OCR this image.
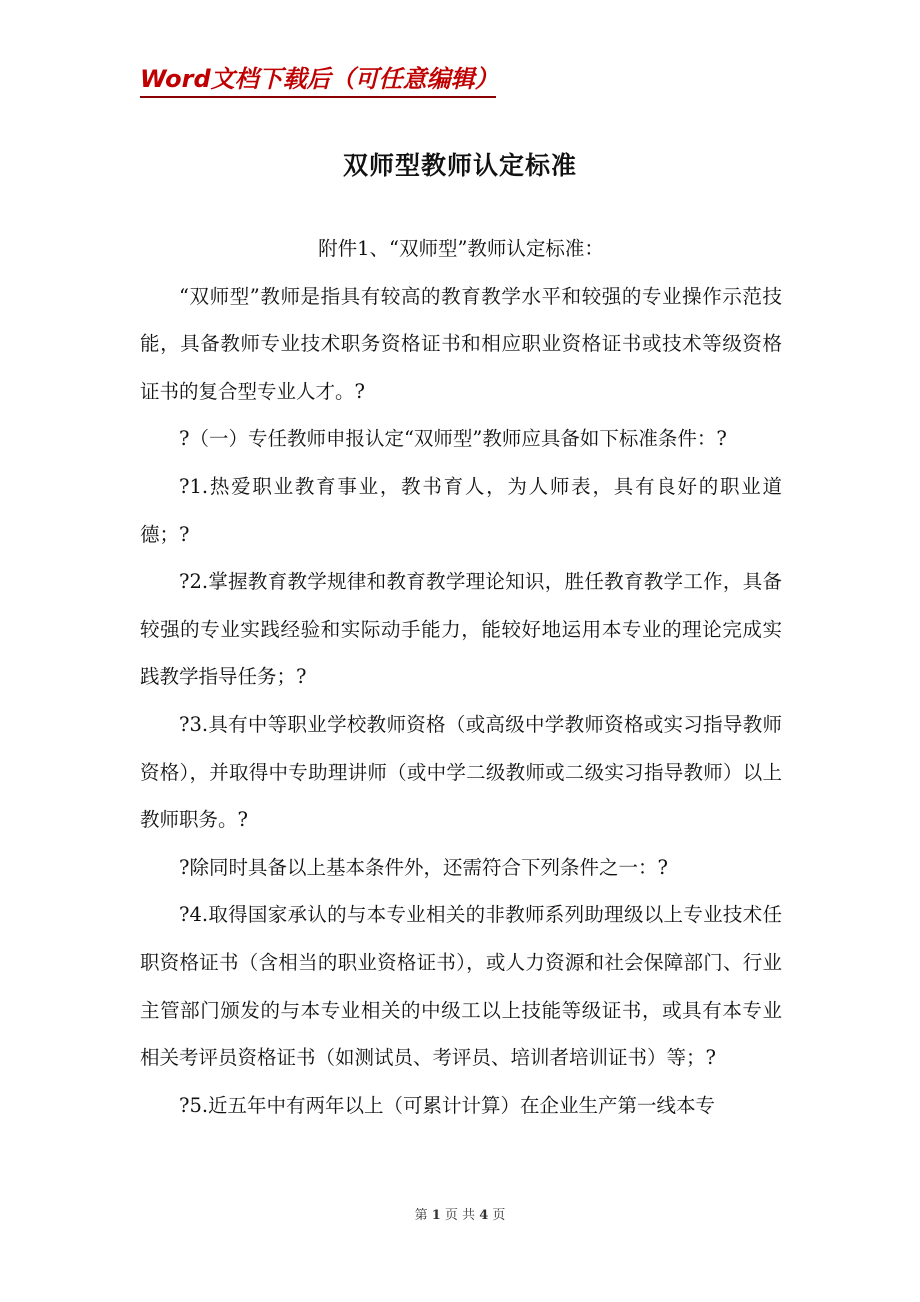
Word文档下载后（可任意编辑）
双师型教师认定标准

附件1、“双师型”教师认定标准：

“双师型”教师是指具有较高的教育教学水平和较强的专业操作示范技能，具备教师专业技术职务资格证书和相应职业资格证书或技术等级资格证书的复合型专业人才。?

?（一）专任教师申报认定“双师型”教师应具备如下标准条件：?

?1.热爱职业教育事业，教书育人，为人师表，具有良好的职业道德；?

?2.掌握教育教学规律和教育教学理论知识，胜任教育教学工作，具备较强的专业实践经验和实际动手能力，能较好地运用本专业的理论完成实践教学指导任务；?

?3.具有中等职业学校教师资格（或高级中学教师资格或实习指导教师资格），并取得中专助理讲师（或中学二级教师或二级实习指导教师）以上教师职务。?

?除同时具备以上基本条件外，还需符合下列条件之一：?

?4.取得国家承认的与本专业相关的非教师系列助理级以上专业技术任职资格证书（含相当的职业资格证书），或人力资源和社会保障部门、行业主管部门颁发的与本专业相关的中级工以上技能等级证书，或具有本专业相关考评员资格证书（如测试员、考评员、培训者培训证书）等；?

?5.近五年中有两年以上（可累计计算）在企业生产第一线本专

第 1 页 共 4 页
